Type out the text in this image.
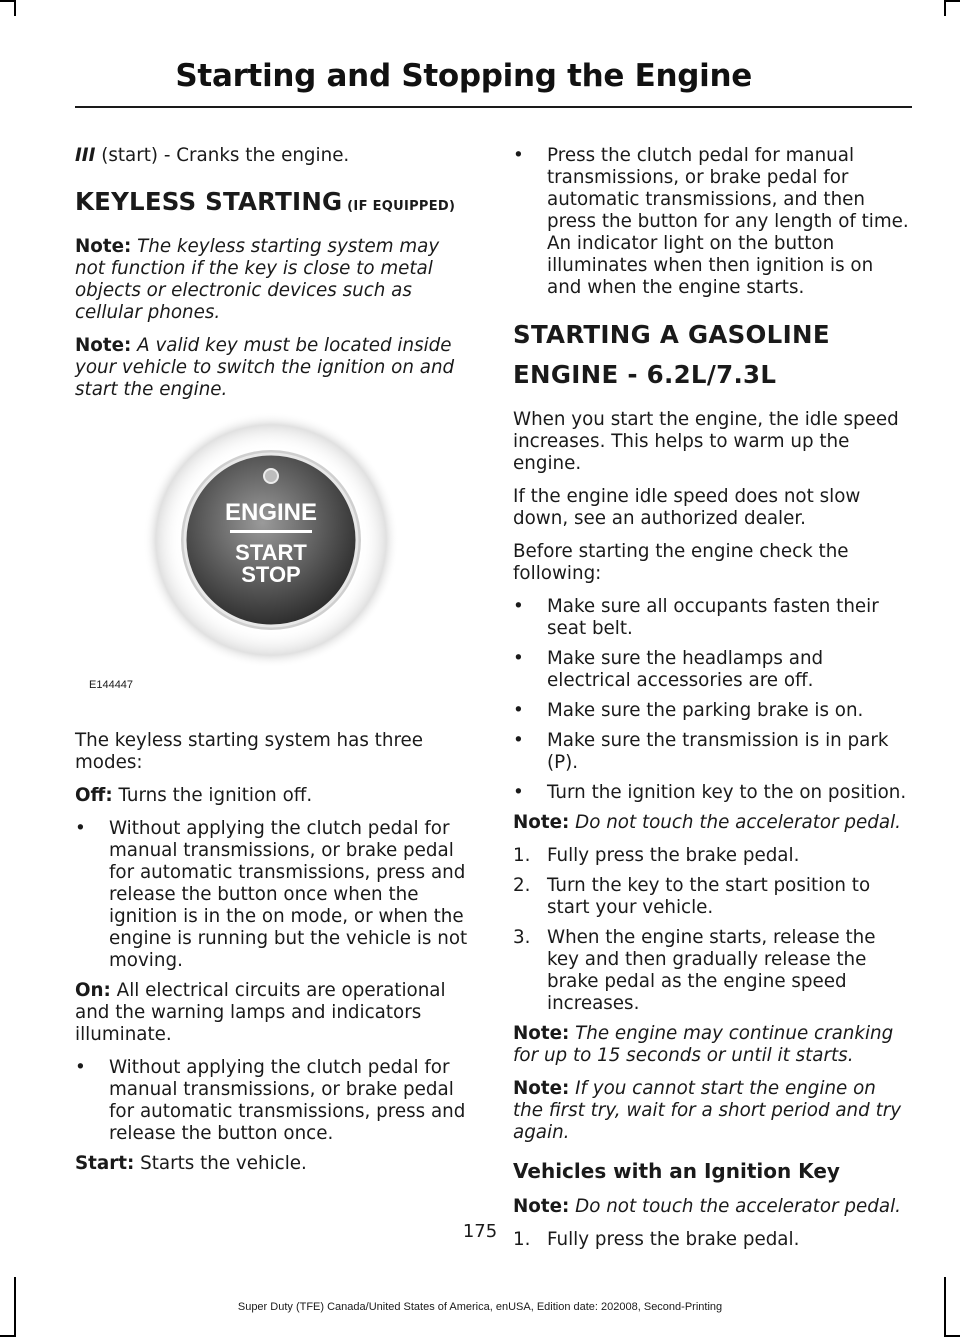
Starting and Stopping the Engine

III (start) - Cranks the engine.

KEYLESS STARTING (IF EQUIPPED)

Note: The keyless starting system may not function if the key is close to metal objects or electronic devices such as cellular phones.

Note: A valid key must be located inside your vehicle to switch the ignition on and start the engine.

ENGINE
START
STOP
E144447

The keyless starting system has three modes:

Off: Turns the ignition off.

• Without applying the clutch pedal for manual transmissions, or brake pedal for automatic transmissions, press and release the button once when the ignition is in the on mode, or when the engine is running but the vehicle is not moving.

On: All electrical circuits are operational and the warning lamps and indicators illuminate.

• Without applying the clutch pedal for manual transmissions, or brake pedal for automatic transmissions, press and release the button once.

Start: Starts the vehicle.

• Press the clutch pedal for manual transmissions, or brake pedal for automatic transmissions, and then press the button for any length of time. An indicator light on the button illuminates when then ignition is on and when the engine starts.
STARTING A GASOLINE
ENGINE - 6.2L/7.3L

When you start the engine, the idle speed increases. This helps to warm up the engine.

If the engine idle speed does not slow down, see an authorized dealer.

Before starting the engine check the following:

• Make sure all occupants fasten their seat belt.
• Make sure the headlamps and electrical accessories are off.
• Make sure the parking brake is on.
• Make sure the transmission is in park (P).
• Turn the ignition key to the on position.

Note: Do not touch the accelerator pedal.

1. Fully press the brake pedal.
2. Turn the key to the start position to start your vehicle.
3. When the engine starts, release the key and then gradually release the brake pedal as the engine speed increases.

Note: The engine may continue cranking for up to 15 seconds or until it starts.

Note: If you cannot start the engine on the first try, wait for a short period and try again.

Vehicles with an Ignition Key

Note: Do not touch the accelerator pedal.

1. Fully press the brake pedal.
175
Super Duty (TFE) Canada/United States of America, enUSA, Edition date: 202008, Second-Printing
